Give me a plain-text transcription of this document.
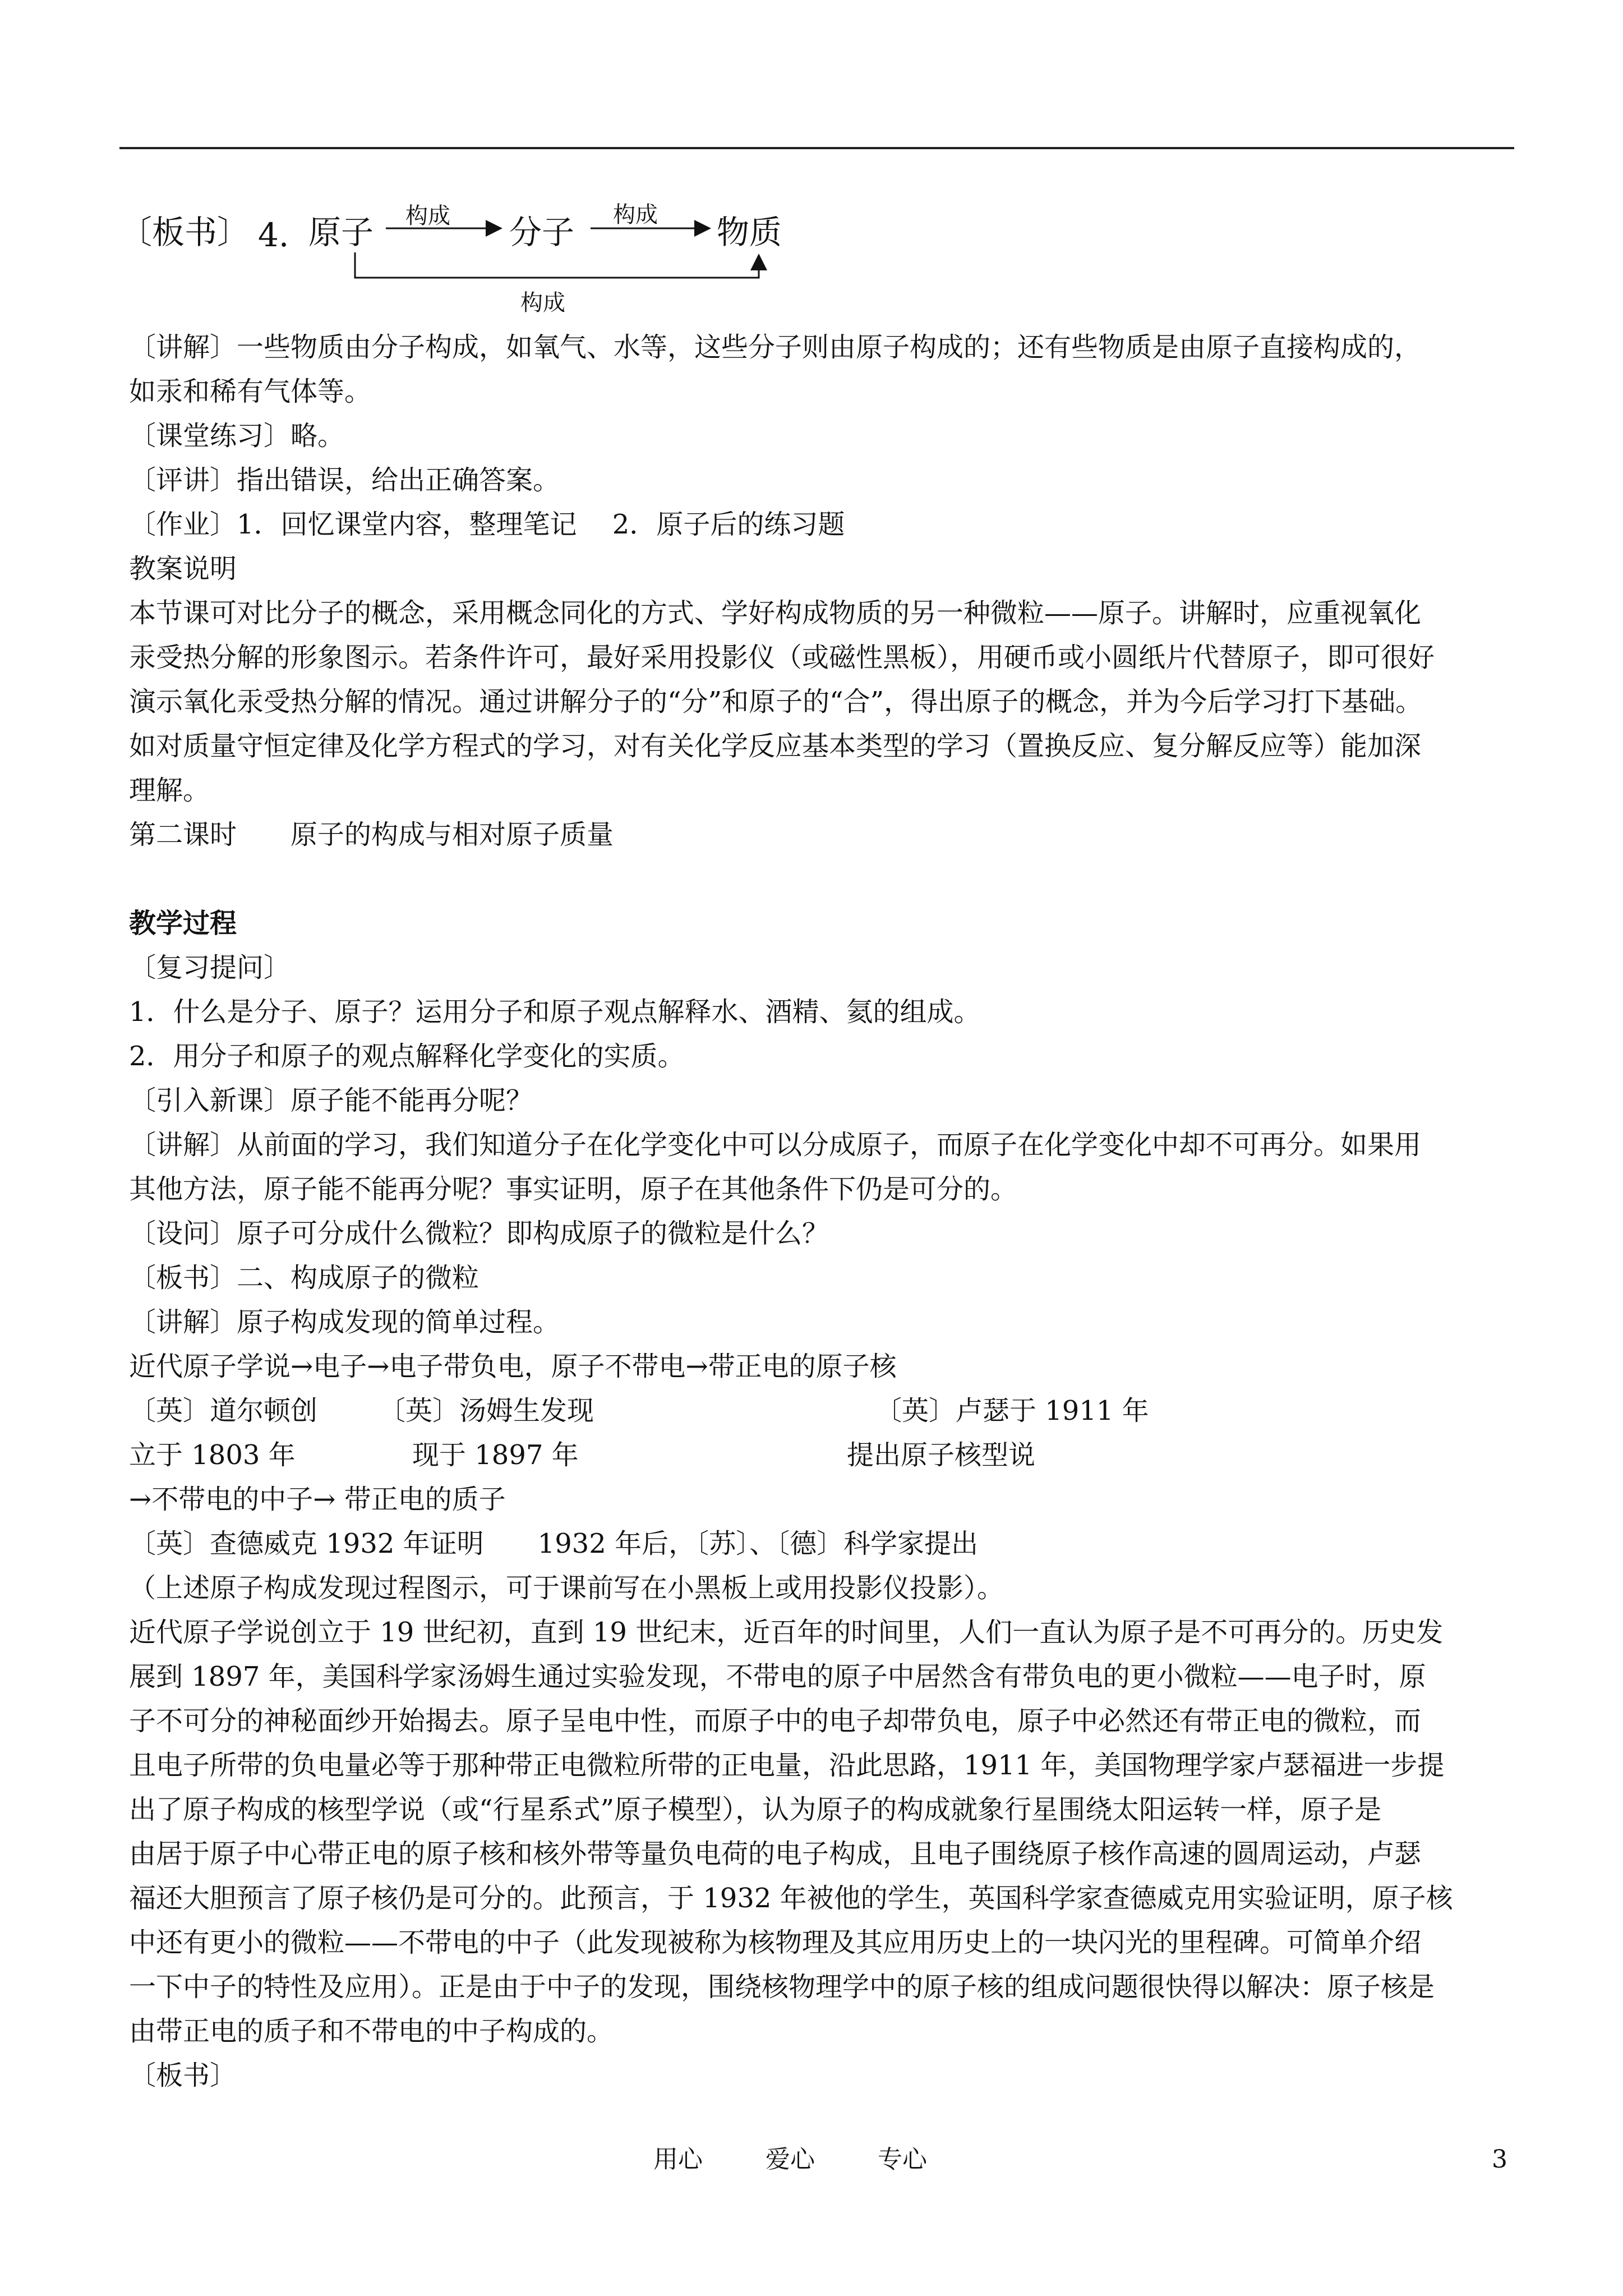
〔板书〕 4. 原子 构成 分子 构成 物质
构成
〔讲解〕一些物质由分子构成，如氧气、水等，这些分子则由原子构成的；还有些物质是由原子直接构成的，
如汞和稀有气体等。
〔课堂练习〕略。
〔评讲〕指出错误，给出正确答案。
〔作业〕1．回忆课堂内容，整理笔记　 2．原子后的练习题
教案说明
本节课可对比分子的概念，采用概念同化的方式、学好构成物质的另一种微粒——原子。讲解时，应重视氧化
汞受热分解的形象图示。若条件许可，最好采用投影仪（或磁性黑板），用硬币或小圆纸片代替原子，即可很好
演示氧化汞受热分解的情况。通过讲解分子的“分”和原子的“合”，得出原子的概念，并为今后学习打下基础。
如对质量守恒定律及化学方程式的学习，对有关化学反应基本类型的学习（置换反应、复分解反应等）能加深
理解。
第二课时　　原子的构成与相对原子质量
教学过程
〔复习提问〕
1．什么是分子、原子？运用分子和原子观点解释水、酒精、氦的组成。
2．用分子和原子的观点解释化学变化的实质。
〔引入新课〕原子能不能再分呢？
〔讲解〕从前面的学习，我们知道分子在化学变化中可以分成原子，而原子在化学变化中却不可再分。如果用
其他方法，原子能不能再分呢？事实证明，原子在其他条件下仍是可分的。
〔设问〕原子可分成什么微粒？即构成原子的微粒是什么？
〔板书〕二、构成原子的微粒
〔讲解〕原子构成发现的简单过程。
近代原子学说→电子→电子带负电，原子不带电→带正电的原子核
〔英〕道尔顿创 〔英〕汤姆生发现	〔英〕卢瑟于 1911 年
立于 1803 年	现于 1897 年	提出原子核型说
→不带电的中子→ 带正电的质子
〔英〕查德威克 1932 年证明　　1932 年后，〔苏〕、〔德〕科学家提出
（上述原子构成发现过程图示，可于课前写在小黑板上或用投影仪投影）。
近代原子学说创立于 19 世纪初，直到 19 世纪末，近百年的时间里，人们一直认为原子是不可再分的。历史发
展到 1897 年，美国科学家汤姆生通过实验发现，不带电的原子中居然含有带负电的更小微粒——电子时，原
子不可分的神秘面纱开始揭去。原子呈电中性，而原子中的电子却带负电，原子中必然还有带正电的微粒，而
且电子所带的负电量必等于那种带正电微粒所带的正电量，沿此思路，1911 年，美国物理学家卢瑟福进一步提
出了原子构成的核型学说（或“行星系式”原子模型），认为原子的构成就象行星围绕太阳运转一样，原子是
由居于原子中心带正电的原子核和核外带等量负电荷的电子构成，且电子围绕原子核作高速的圆周运动，卢瑟
福还大胆预言了原子核仍是可分的。此预言，于 1932 年被他的学生，英国科学家查德威克用实验证明，原子核
中还有更小的微粒——不带电的中子（此发现被称为核物理及其应用历史上的一块闪光的里程碑。可简单介绍
一下中子的特性及应用）。正是由于中子的发现，围绕核物理学中的原子核的组成问题很快得以解决：原子核是
由带正电的质子和不带电的中子构成的。
〔板书〕
用心	爱心	专心	3
